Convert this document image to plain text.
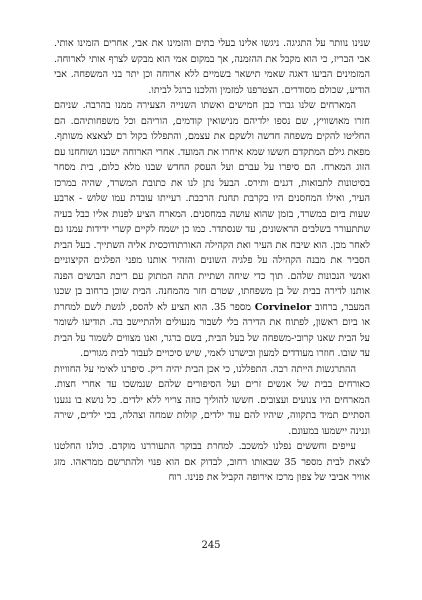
שנינו נוותר על התגיגה. ניגשו אלינו בעלי בתים והזמינו את אבי, אחרים הזמינו אותי. אבי הבריז, כי הוא מקבל את ההזמנה, אך במקום אמי הוא מבקש לצרף אותי לארוחה. המזמינים הביעו דאגה שאמי תישאר בשמיים ללא ארוחה וכן יתר בני המשפחה. אבי הודיע, שכולם מסודרים. הצטרפנו למזמין והלכנו ברגל לביתו.

המארחים שלנו גברו כבן חמישים ואשתו השנייה הצעירה ממנו בהרבה. שניהם חזרו מאושוויץ, שם נספו ילדיהם מנישואין קודמים, הוריהם וכל משפחותיהם. הם החליטו להקים משפחה חדשה ולשקם את עצמם, והתפללו בקול רם לצאצא משותף. מפאת גילם המתקדם חששו שמא איחרו את המועד. אחרי הארוחה ישבנו ושוחחנו עם הזוג המארח. הם סיפרו על עברם ועל העסק החדש שבנו מלא כלום, בית מסחר בסיטונות לתבואות, דגנים ותירס. הבעל נתן לנו את כתובת המשרד, שהיה במרכז העיר, ואילו המחסנים היו בקרבת תחנת הרכבת. רעייתו עובדת עמו שלוש - ארבע שעות ביום במשרד, בזמן שהוא עושה במחסנים. המארח הציע לפנות אליו כבל בעיה שתתעורר בשלבים הראשונים, עד שנסתדר. כמו כן ישמח לקיים קשרי ידידות עמנו גם לאחר מכן. הוא שיבח את העיר ואת הקהילה האורתודוכסית אליה השתייך. בעל הבית הסביר את מבנה הקהילה על פלגיה השונים והזהיר אותנו מפני הפלגים הקיצוניים ואנשי הנכונות שלהם. תוך כדי שיחה ושתיית התה המתוק עם ריבת הבושים הפנה אותנו לדירה בבית של בן משפחתו, שטרם חזר מהמחנה. הבית שוכן ברחוב בן שכנו המעבר, ברחוב Corvinelor מספר 35. הוא הציע לא להסס, לגשת לשם למחרת או ביום ראשון, לפתוח את הדירה בלי לשבור מנעולים ולהתיישב בה. תודיעו לשומר על הבית שאנו קרובי-משפחה של בעל הבית, בשם ברגר, ואנו מצווים לשמור על הבית עד שובו. חוזרו מעודדים למעון ובישרנו לאמי, שיש סיכויים לעבור לבית מגורים.

ההתרגשות הייתה רבה. התפללנו, כי אכן הבית יהיה ריק. סיפרנו לאימי על החוויות כאורחים בבית של אנשים זרים ועל הסיפורים שלהם שנמשכו עד אחרי חצות. המארחים היו צנועים ועצובים. חששו להוליך כוזה צריוי ללא ילדים. כל נושא בו נגענו הסתיים תמיד בתקווה, שיהיו להם עוד ילדים, קולות שמחה וצהלה, בכי ילדים, שירה וננינה יישמעו במעונם.

עייפים וחששים נפלנו למשכב. למחרת בבוקר התעוררנו מוקדם. כולנו החלטנו לצאת לבית מספר 35 שבאותו רחוב, לבדוק אם הוא פנוי ולהתרשם ממראהו. מזג אוויר אביבי של צפון מרכז אירופה הקביל את פנינו. רוח

245
